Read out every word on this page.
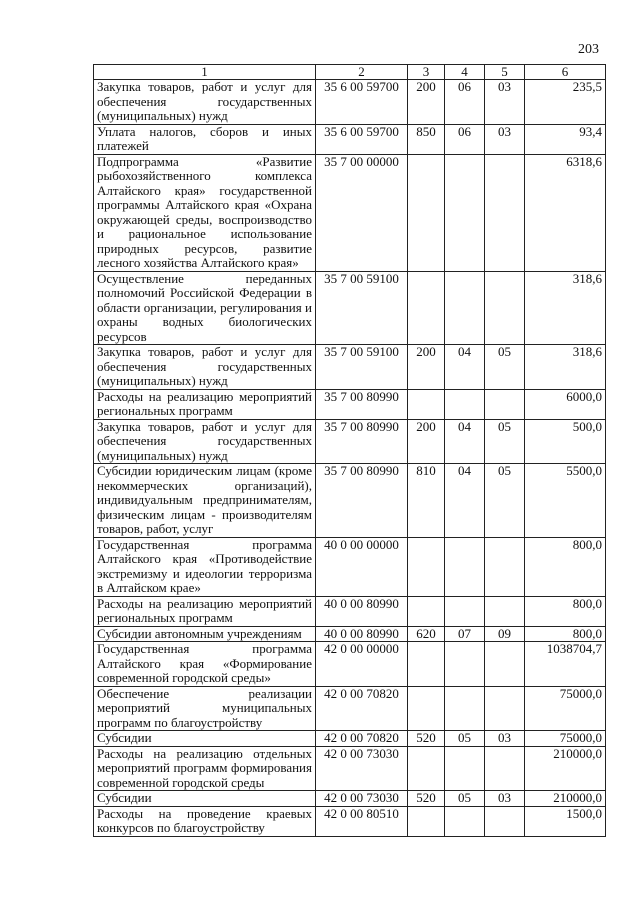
203
1	2	3	4	5	6
Закупка товаров, работ и услуг для обеспечения государственных (муниципальных) нужд	35 6 00 59700	200	06	03	235,5
Уплата налогов, сборов и иных платежей	35 6 00 59700	850	06	03	93,4
Подпрограмма «Развитие рыбохозяйственного комплекса Алтайского края» государственной программы Алтайского края «Охрана окружающей среды, воспроизводство и рациональное использование природных ресурсов, развитие лесного хозяйства Алтайского края»	35 7 00 00000				6318,6
Осуществление переданных полномочий Российской Федерации в области организации, регулирования и охраны водных биологических ресурсов	35 7 00 59100				318,6
Закупка товаров, работ и услуг для обеспечения государственных (муниципальных) нужд	35 7 00 59100	200	04	05	318,6
Расходы на реализацию мероприятий региональных программ	35 7 00 80990				6000,0
Закупка товаров, работ и услуг для обеспечения государственных (муниципальных) нужд	35 7 00 80990	200	04	05	500,0
Субсидии юридическим лицам (кроме некоммерческих организаций), индивидуальным предпринимателям, физическим лицам - производителям товаров, работ, услуг	35 7 00 80990	810	04	05	5500,0
Государственная программа Алтайского края «Противодействие экстремизму и идеологии терроризма в Алтайском крае»	40 0 00 00000				800,0
Расходы на реализацию мероприятий региональных программ	40 0 00 80990				800,0
Субсидии автономным учреждениям	40 0 00 80990	620	07	09	800,0
Государственная программа Алтайского края «Формирование современной городской среды»	42 0 00 00000				1038704,7
Обеспечение реализации мероприятий муниципальных программ по благоустройству	42 0 00 70820				75000,0
Субсидии	42 0 00 70820	520	05	03	75000,0
Расходы на реализацию отдельных мероприятий программ формирования современной городской среды	42 0 00 73030				210000,0
Субсидии	42 0 00 73030	520	05	03	210000,0
Расходы на проведение краевых конкурсов по благоустройству	42 0 00 80510				1500,0
